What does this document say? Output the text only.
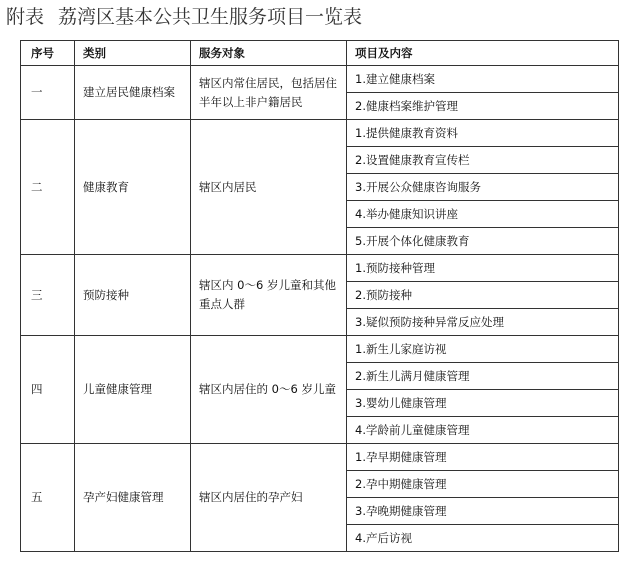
附表 荔湾区基本公共卫生服务项目一览表
序号	类别	服务对象	项目及内容
一	建立居民健康档案	辖区内常住居民，包括居住半年以上非户籍居民	1.建立健康档案
			2.健康档案维护管理
二	健康教育	辖区内居民	1.提供健康教育资料
			2.设置健康教育宣传栏
			3.开展公众健康咨询服务
			4.举办健康知识讲座
			5.开展个体化健康教育
三	预防接种	辖区内 0～6 岁儿童和其他重点人群	1.预防接种管理
			2.预防接种
			3.疑似预防接种异常反应处理
四	儿童健康管理	辖区内居住的 0～6 岁儿童	1.新生儿家庭访视
			2.新生儿满月健康管理
			3.婴幼儿健康管理
			4.学龄前儿童健康管理
五	孕产妇健康管理	辖区内居住的孕产妇	1.孕早期健康管理
			2.孕中期健康管理
			3.孕晚期健康管理
			4.产后访视
